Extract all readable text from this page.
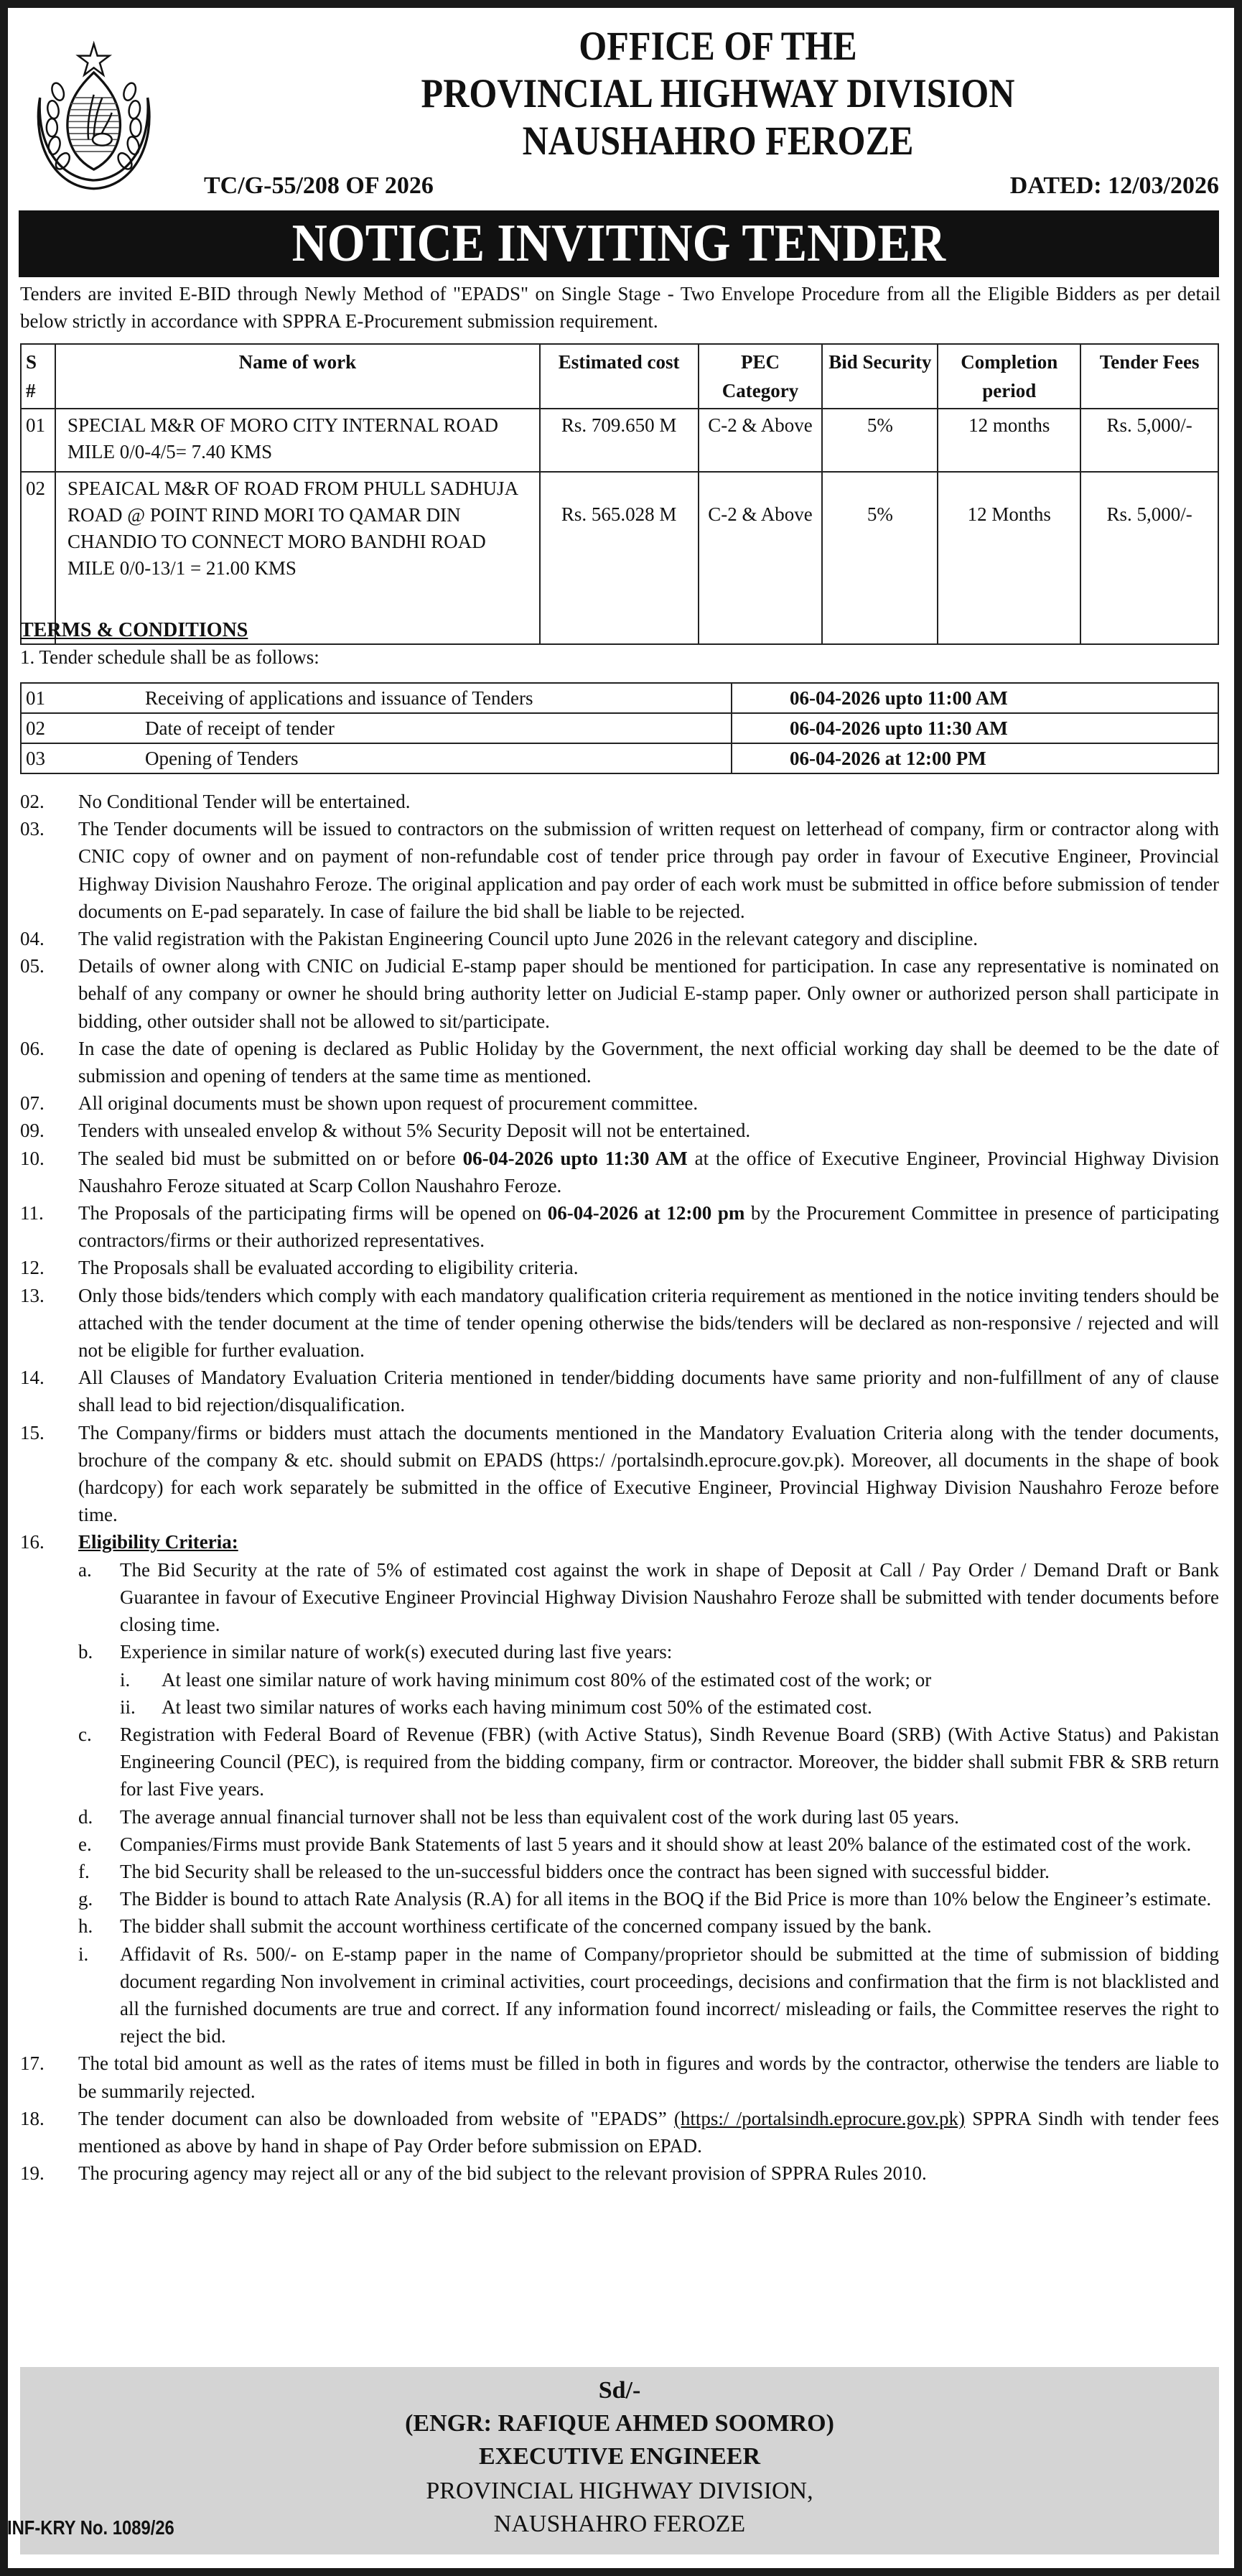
OFFICE OF THE
PROVINCIAL HIGHWAY DIVISION
NAUSHAHRO FEROZE
TC/G-55/208 OF 2026	DATED: 12/03/2026
NOTICE INVITING TENDER
Tenders are invited E-BID through Newly Method of "EPADS" on Single Stage - Two Envelope Procedure from all the Eligible Bidders as per detail below strictly in accordance with SPPRA E-Procurement submission requirement.
S #	Name of work	Estimated cost	PEC Category	Bid Security	Completion period	Tender Fees
01	SPECIAL M&R OF MORO CITY INTERNAL ROAD MILE 0/0-4/5= 7.40 KMS	Rs. 709.650 M	C-2 & Above	5%	12 months	Rs. 5,000/-
02	SPEAICAL M&R OF ROAD FROM PHULL SADHUJA ROAD @ POINT RIND MORI TO QAMAR DIN CHANDIO TO CONNECT MORO BANDHI ROAD MILE 0/0-13/1 = 21.00 KMS	Rs. 565.028 M	C-2 & Above	5%	12 Months	Rs. 5,000/-
TERMS & CONDITIONS
1. Tender schedule shall be as follows:
01	Receiving of applications and issuance of Tenders	06-04-2026 upto 11:00 AM
02	Date of receipt of tender	06-04-2026 upto 11:30 AM
03	Opening of Tenders	06-04-2026 at 12:00 PM
02.	No Conditional Tender will be entertained.
03.	The Tender documents will be issued to contractors on the submission of written request on letterhead of company, firm or contractor along with CNIC copy of owner and on payment of non-refundable cost of tender price through pay order in favour of Executive Engineer, Provincial Highway Division Naushahro Feroze. The original application and pay order of each work must be submitted in office before submission of tender documents on E-pad separately. In case of failure the bid shall be liable to be rejected.
04.	The valid registration with the Pakistan Engineering Council upto June 2026 in the relevant category and discipline.
05.	Details of owner along with CNIC on Judicial E-stamp paper should be mentioned for participation. In case any representative is nominated on behalf of any company or owner he should bring authority letter on Judicial E-stamp paper. Only owner or authorized person shall participate in bidding, other outsider shall not be allowed to sit/participate.
06.	In case the date of opening is declared as Public Holiday by the Government, the next official working day shall be deemed to be the date of submission and opening of tenders at the same time as mentioned.
07.	All original documents must be shown upon request of procurement committee.
09.	Tenders with unsealed envelop & without 5% Security Deposit will not be entertained.
10.	The sealed bid must be submitted on or before 06-04-2026 upto 11:30 AM at the office of Executive Engineer, Provincial Highway Division Naushahro Feroze situated at Scarp Collon Naushahro Feroze.
11.	The Proposals of the participating firms will be opened on 06-04-2026 at 12:00 pm by the Procurement Committee in presence of participating contractors/firms or their authorized representatives.
12.	The Proposals shall be evaluated according to eligibility criteria.
13.	Only those bids/tenders which comply with each mandatory qualification criteria requirement as mentioned in the notice inviting tenders should be attached with the tender document at the time of tender opening otherwise the bids/tenders will be declared as non-responsive / rejected and will not be eligible for further evaluation.
14.	All Clauses of Mandatory Evaluation Criteria mentioned in tender/bidding documents have same priority and non-fulfillment of any of clause shall lead to bid rejection/disqualification.
15.	The Company/firms or bidders must attach the documents mentioned in the Mandatory Evaluation Criteria along with the tender documents, brochure of the company & etc. should submit on EPADS (https:/ /portalsindh.eprocure.gov.pk). Moreover, all documents in the shape of book (hardcopy) for each work separately be submitted in the office of Executive Engineer, Provincial Highway Division Naushahro Feroze before time.
16.	Eligibility Criteria:
a.	The Bid Security at the rate of 5% of estimated cost against the work in shape of Deposit at Call / Pay Order / Demand Draft or Bank Guarantee in favour of Executive Engineer Provincial Highway Division Naushahro Feroze shall be submitted with tender documents before closing time.
b.	Experience in similar nature of work(s) executed during last five years:
i.	At least one similar nature of work having minimum cost 80% of the estimated cost of the work; or
ii.	At least two similar natures of works each having minimum cost 50% of the estimated cost.
c.	Registration with Federal Board of Revenue (FBR) (with Active Status), Sindh Revenue Board (SRB) (With Active Status) and Pakistan Engineering Council (PEC), is required from the bidding company, firm or contractor. Moreover, the bidder shall submit FBR & SRB return for last Five years.
d.	The average annual financial turnover shall not be less than equivalent cost of the work during last 05 years.
e.	Companies/Firms must provide Bank Statements of last 5 years and it should show at least 20% balance of the estimated cost of the work.
f.	The bid Security shall be released to the un-successful bidders once the contract has been signed with successful bidder.
g.	The Bidder is bound to attach Rate Analysis (R.A) for all items in the BOQ if the Bid Price is more than 10% below the Engineer’s estimate.
h.	The bidder shall submit the account worthiness certificate of the concerned company issued by the bank.
i.	Affidavit of Rs. 500/- on E-stamp paper in the name of Company/proprietor should be submitted at the time of submission of bidding document regarding Non involvement in criminal activities, court proceedings, decisions and confirmation that the firm is not blacklisted and all the furnished documents are true and correct. If any information found incorrect/ misleading or fails, the Committee reserves the right to reject the bid.
17.	The total bid amount as well as the rates of items must be filled in both in figures and words by the contractor, otherwise the tenders are liable to be summarily rejected.
18.	The tender document can also be downloaded from website of "EPADS” (https:/ /portalsindh.eprocure.gov.pk) SPPRA Sindh with tender fees mentioned as above by hand in shape of Pay Order before submission on EPAD.
19.	The procuring agency may reject all or any of the bid subject to the relevant provision of SPPRA Rules 2010.
Sd/-
(ENGR: RAFIQUE AHMED SOOMRO)
EXECUTIVE ENGINEER
PROVINCIAL HIGHWAY DIVISION,
NAUSHAHRO FEROZE
INF-KRY No. 1089/26
